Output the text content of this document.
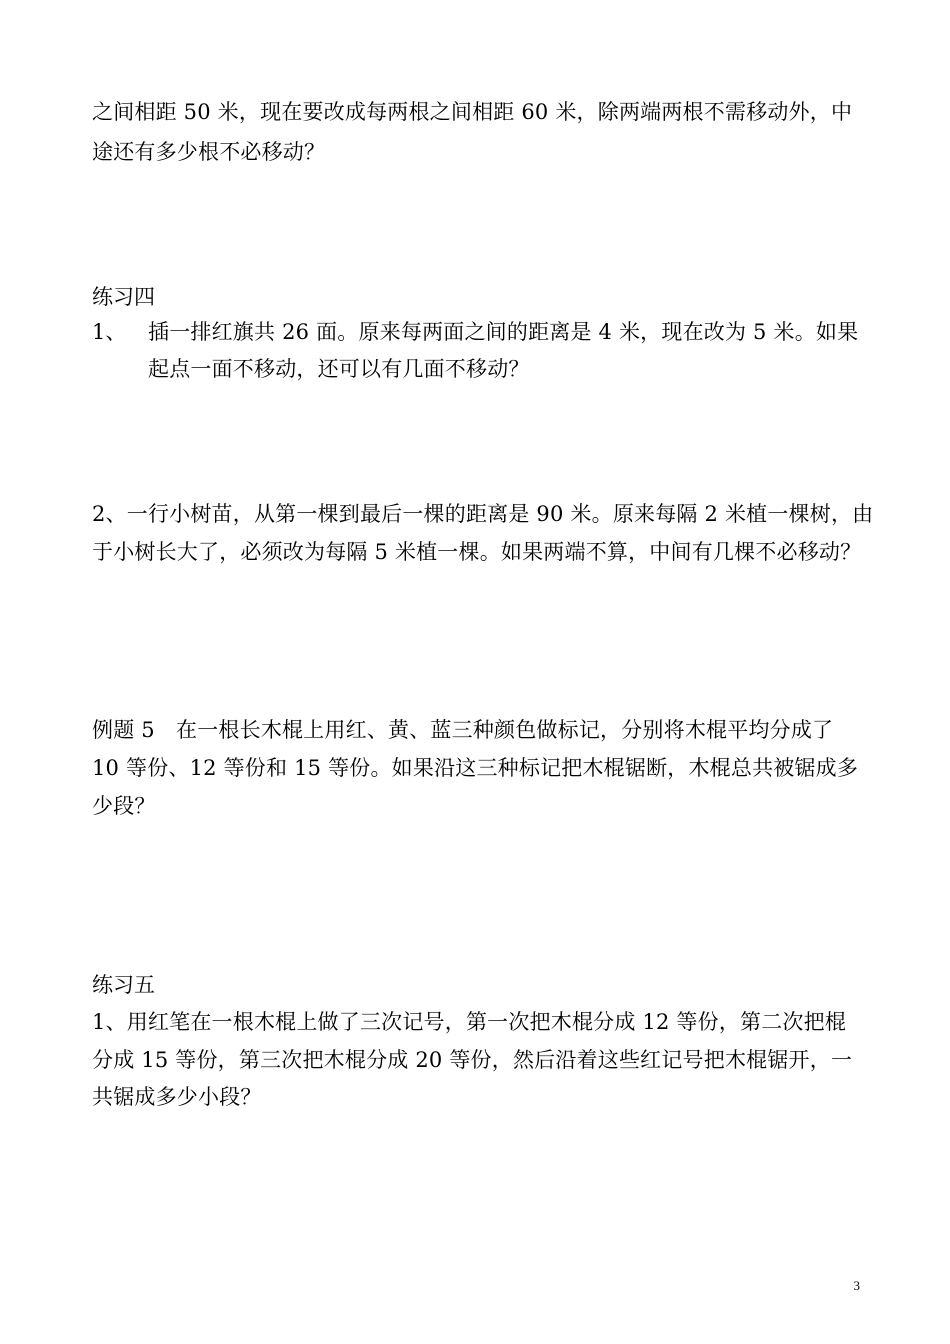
之间相距 50 米，现在要改成每两根之间相距 60 米，除两端两根不需移动外，中
途还有多少根不必移动？
练习四
1、 插一排红旗共 26 面。原来每两面之间的距离是 4 米，现在改为 5 米。如果
起点一面不移动，还可以有几面不移动？
2、一行小树苗，从第一棵到最后一棵的距离是 90 米。原来每隔 2 米植一棵树，由
于小树长大了，必须改为每隔 5 米植一棵。如果两端不算，中间有几棵不必移动？
例题 5　在一根长木棍上用红、黄、蓝三种颜色做标记，分别将木棍平均分成了
10 等份、12 等份和 15 等份。如果沿这三种标记把木棍锯断，木棍总共被锯成多
少段？
练习五
1、用红笔在一根木棍上做了三次记号，第一次把木棍分成 12 等份，第二次把棍
分成 15 等份，第三次把木棍分成 20 等份，然后沿着这些红记号把木棍锯开，一
共锯成多少小段？
3
